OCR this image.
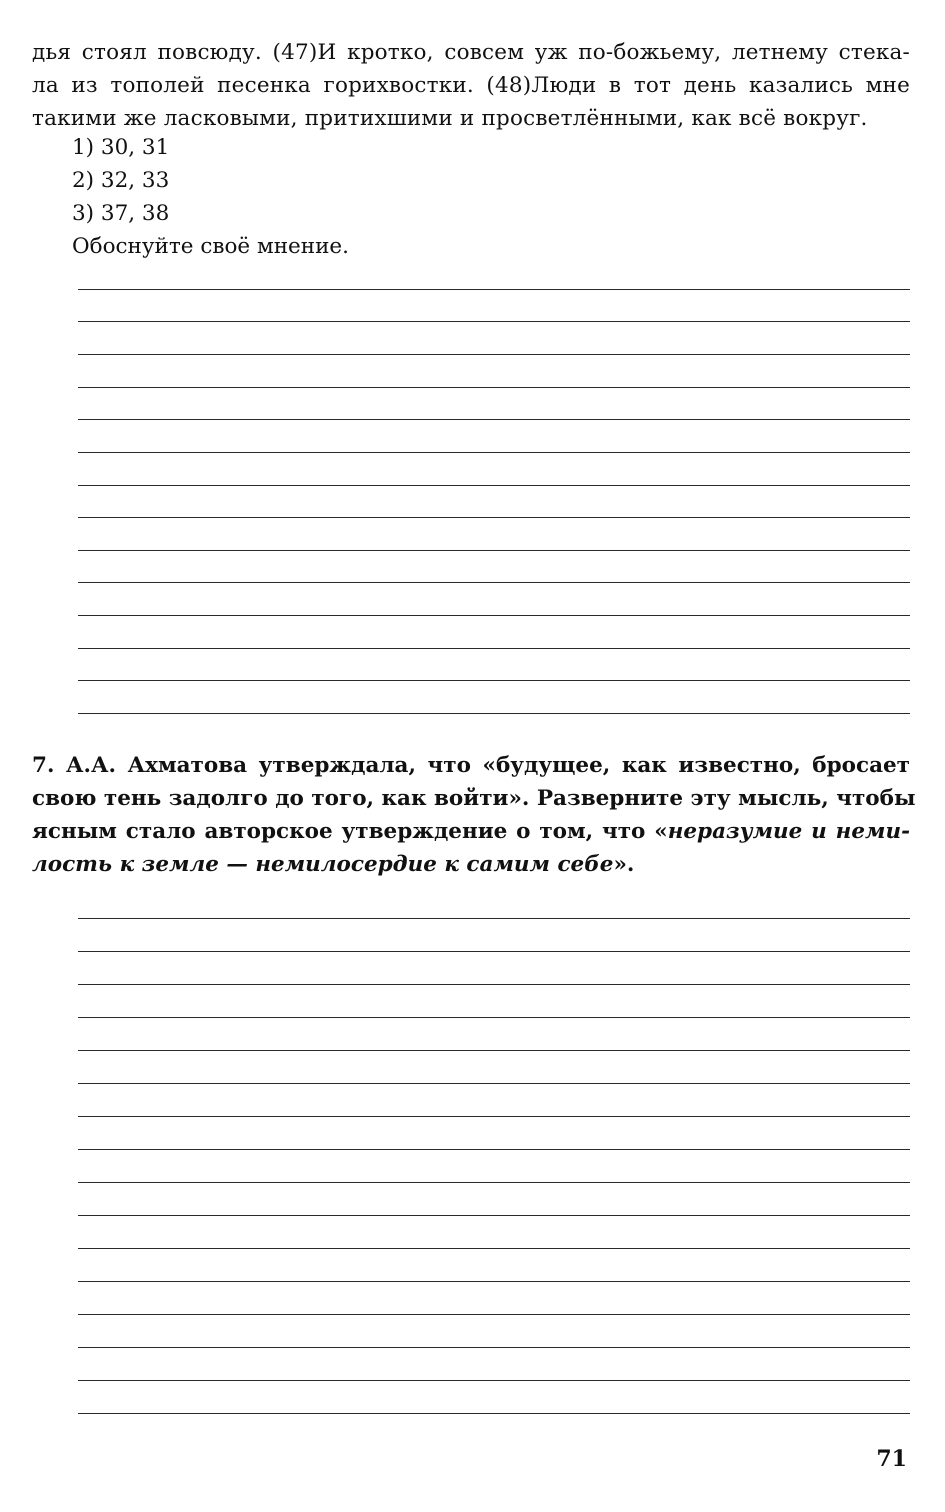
дья стоял повсюду. (47)И кротко, совсем уж по-божьему, летнему стека-
ла из тополей песенка горихвостки. (48)Люди в тот день казались мне
такими же ласковыми, притихшими и просветлёнными, как всё вокруг.
1) 30, 31
2) 32, 33
3) 37, 38
Обоснуйте своё мнение.
7. А.А. Ахматова утверждала, что «будущее, как известно, бросает
свою тень задолго до того, как войти». Разверните эту мысль, чтобы
ясным стало авторское утверждение о том, что «неразумие и неми-
лость к земле — немилосердие к самим себе».
71
